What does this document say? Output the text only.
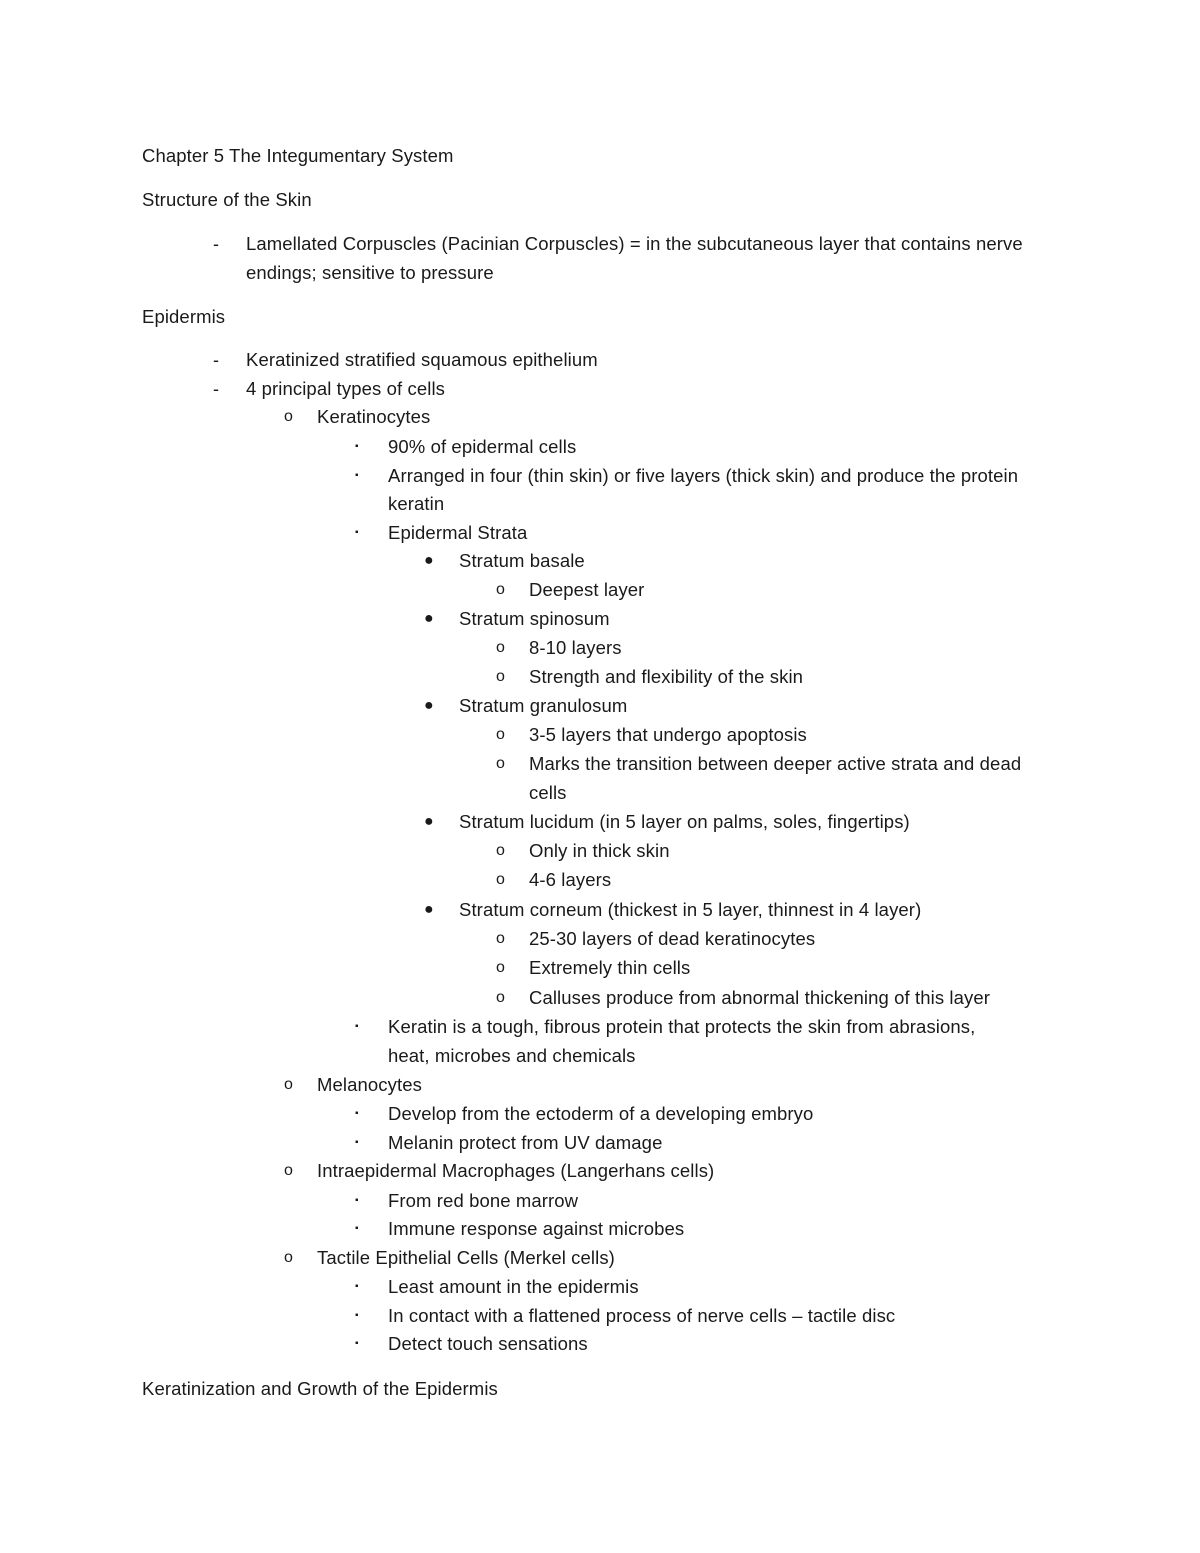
Chapter 5 The Integumentary System
Structure of the Skin
- Lamellated Corpuscles (Pacinian Corpuscles) = in the subcutaneous layer that contains nerve
endings; sensitive to pressure
Epidermis
- Keratinized stratified squamous epithelium
- 4 principal types of cells
o Keratinocytes
▪ 90% of epidermal cells
▪ Arranged in four (thin skin) or five layers (thick skin) and produce the protein
keratin
▪ Epidermal Strata
● Stratum basale
o Deepest layer
● Stratum spinosum
o 8-10 layers
o Strength and flexibility of the skin
● Stratum granulosum
o 3-5 layers that undergo apoptosis
o Marks the transition between deeper active strata and dead
cells
● Stratum lucidum (in 5 layer on palms, soles, fingertips)
o Only in thick skin
o 4-6 layers
● Stratum corneum (thickest in 5 layer, thinnest in 4 layer)
o 25-30 layers of dead keratinocytes
o Extremely thin cells
o Calluses produce from abnormal thickening of this layer
▪ Keratin is a tough, fibrous protein that protects the skin from abrasions,
heat, microbes and chemicals
o Melanocytes
▪ Develop from the ectoderm of a developing embryo
▪ Melanin protect from UV damage
o Intraepidermal Macrophages (Langerhans cells)
▪ From red bone marrow
▪ Immune response against microbes
o Tactile Epithelial Cells (Merkel cells)
▪ Least amount in the epidermis
▪ In contact with a flattened process of nerve cells – tactile disc
▪ Detect touch sensations
Keratinization and Growth of the Epidermis
